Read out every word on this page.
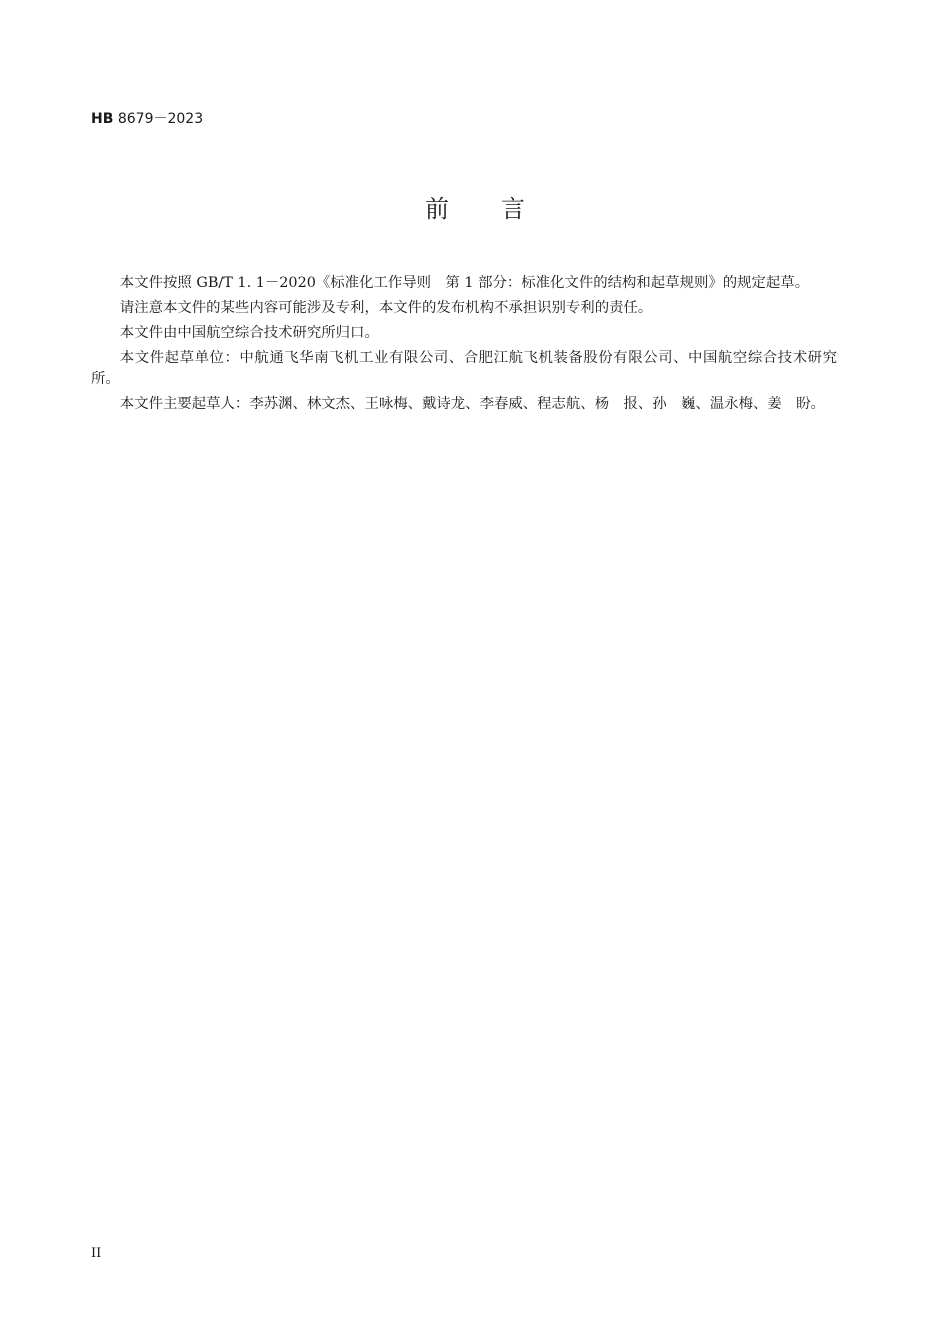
HB 8679－2023
前 言

本文件按照 GB/T 1. 1－2020《标准化工作导则　第 1 部分：标准化文件的结构和起草规则》的规定起草。

请注意本文件的某些内容可能涉及专利，本文件的发布机构不承担识别专利的责任。

本文件由中国航空综合技术研究所归口。

本文件起草单位：中航通飞华南飞机工业有限公司、合肥江航飞机装备股份有限公司、中国航空综合技术研究所。

本文件主要起草人：李苏渊、林文杰、王咏梅、戴诗龙、李春威、程志航、杨　报、孙　巍、温永梅、姜　盼。

II
